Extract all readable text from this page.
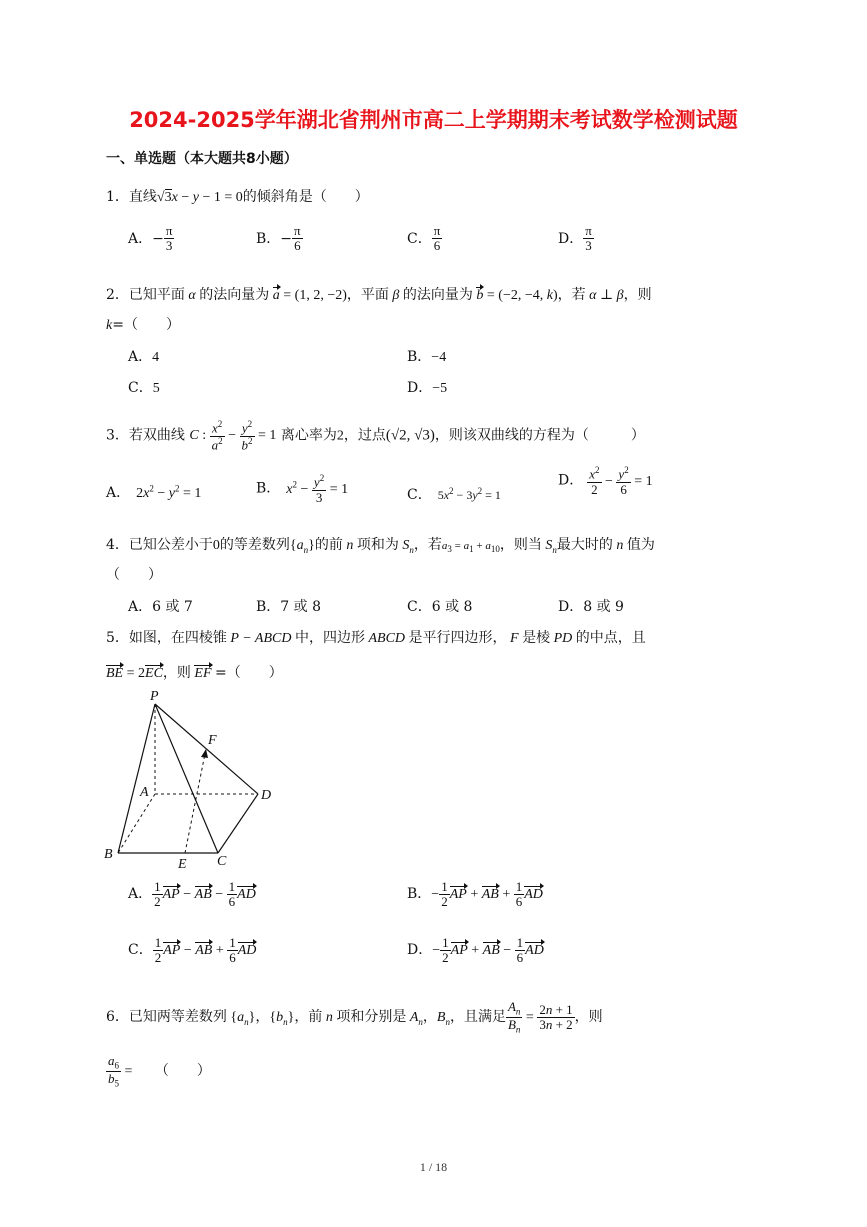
2024-2025学年湖北省荆州市高二上学期期末考试数学检测试题
一、单选题（本大题共8小题）
1．直线√3x − y − 1 = 0的倾斜角是（　　）
A．− $\frac{\pi}{3}$	B．− $\frac{\pi}{6}$	C． $\frac{\pi}{6}$	D． $\frac{\pi}{3}$
2．已知平面 α 的法向量为 a = (1, 2, −2)，平面 β 的法向量为 b = (−2, −4, k)，若 α ⊥ β，则
k=（　　）
A．4	B．−4
C．5	D．−5
3．若双曲线 C : $\frac{x^2}{a^2} - \frac{y^2}{b^2} = 1$ 离心率为2，过点(√2, √3)，则该双曲线的方程为（　　　）
A． $2x^2 - y^2 = 1$	B． $x^2 - \frac{y^2}{3} = 1$	C． $5x^2 - 3y^2 = 1$
D． $\frac{x^2}{2} - \frac{y^2}{6} = 1$
4．已知公差小于0的等差数列$\{a_n\}$的前 n 项和为 $S_n$，若$a_3 = a_1 + a_{10}$，则当 $S_n$最大时的 n 值为
（　　）
A．6 或 7	B．7 或 8	C．6 或 8	D．8 或 9
5．如图，在四棱锥 P − ABCD 中，四边形 ABCD 是平行四边形， F 是棱 PD 的中点，且
BE = 2EC，则 EF =（　　）
P
F
A	D
B
E C
A． $\frac{1}{2}$ AP − AB − $\frac{1}{6}$ AD	B．− $\frac{1}{2}$ AP + AB + $\frac{1}{6}$ AD
C． $\frac{1}{2}$ AP − AB + $\frac{1}{6}$ AD	D．− $\frac{1}{2}$ AP + AB − $\frac{1}{6}$ AD
6．已知两等差数列 $\{a_n\}$，$\{b_n\}$，前 n 项和分别是 $A_n$，$B_n$，且满足 $\frac{A_n}{B_n} = \frac{2n + 1}{3n + 2}$ ，则
$\frac{a_6}{b_5}$ = （　　）
1 / 18
